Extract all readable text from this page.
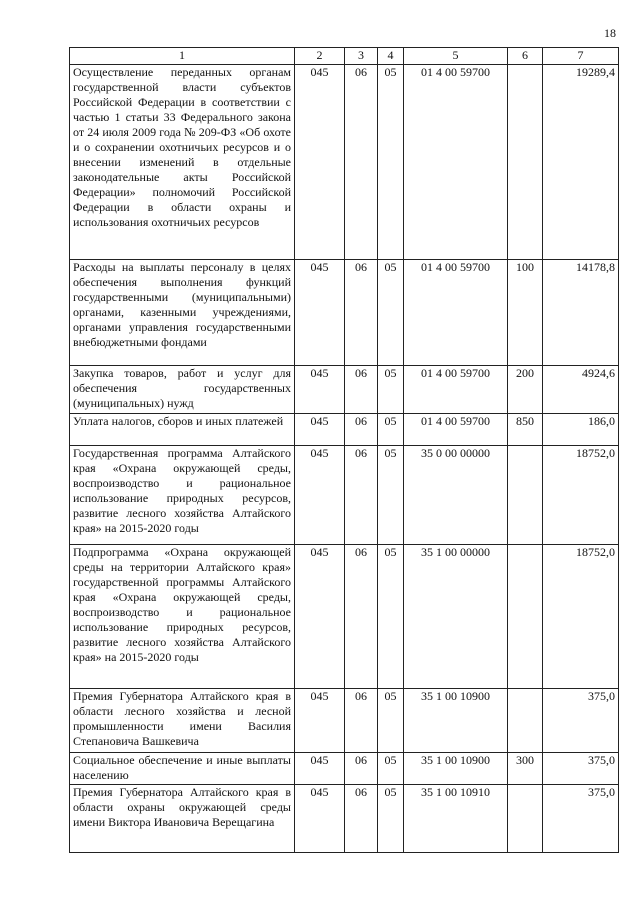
18
1	2	3	4	5	6	7
Осуществление переданных органам государственной власти субъектов Российской Федерации в соответствии с частью 1 статьи 33 Федерального закона от 24 июля 2009 года № 209-ФЗ «Об охоте и о сохранении охотничьих ресурсов и о внесении изменений в отдельные законодательные акты Российской Федерации» полномочий Российской Федерации в области охраны и использования охотничьих ресурсов	045	06	05	01 4 00 59700		19289,4
Расходы на выплаты персоналу в целях обеспечения выполнения функций государственными (муниципальными) органами, казенными учреждениями, органами управления государственными внебюджетными фондами	045	06	05	01 4 00 59700	100	14178,8
Закупка товаров, работ и услуг для обеспечения государственных (муниципальных) нужд	045	06	05	01 4 00 59700	200	4924,6
Уплата налогов, сборов и иных платежей	045	06	05	01 4 00 59700	850	186,0
Государственная программа Алтайского края «Охрана окружающей среды, воспроизводство и рациональное использование природных ресурсов, развитие лесного хозяйства Алтайского края» на 2015-2020 годы	045	06	05	35 0 00 00000		18752,0
Подпрограмма «Охрана окружающей среды на территории Алтайского края» государственной программы Алтайского края «Охрана окружающей среды, воспроизводство и рациональное использование природных ресурсов, развитие лесного хозяйства Алтайского края» на 2015-2020 годы	045	06	05	35 1 00 00000		18752,0
Премия Губернатора Алтайского края в области лесного хозяйства и лесной промышленности имени Василия Степановича Вашкевича	045	06	05	35 1 00 10900		375,0
Социальное обеспечение и иные выплаты населению	045	06	05	35 1 00 10900	300	375,0
Премия Губернатора Алтайского края в области охраны окружающей среды имени Виктора Ивановича Верещагина	045	06	05	35 1 00 10910		375,0
